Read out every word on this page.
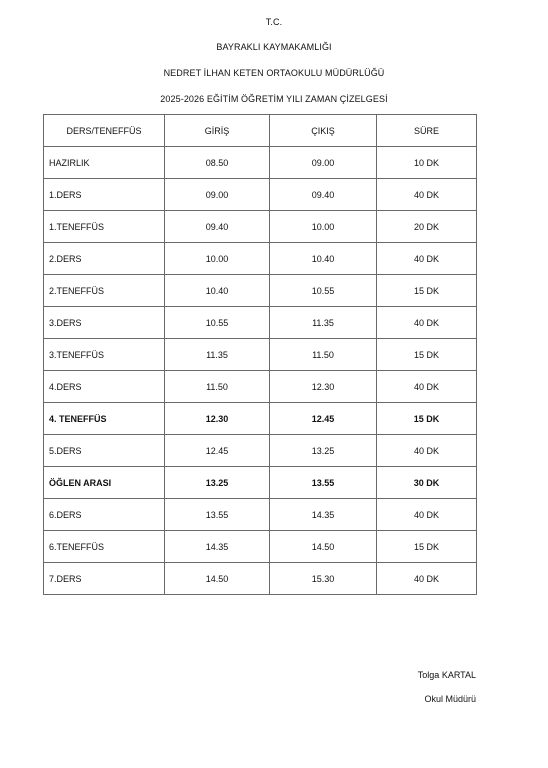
T.C.
BAYRAKLI KAYMAKAMLIĞI
NEDRET İLHAN KETEN ORTAOKULU MÜDÜRLÜĞÜ
2025-2026 EĞİTİM ÖĞRETİM YILI ZAMAN ÇİZELGESİ
DERS/TENEFFÜS	GİRİŞ	ÇIKIŞ	SÜRE
HAZIRLIK	08.50	09.00	10 DK
1.DERS	09.00	09.40	40 DK
1.TENEFFÜS	09.40	10.00	20 DK
2.DERS	10.00	10.40	40 DK
2.TENEFFÜS	10.40	10.55	15 DK
3.DERS	10.55	11.35	40 DK
3.TENEFFÜS	11.35	11.50	15 DK
4.DERS	11.50	12.30	40 DK
4. TENEFFÜS	12.30	12.45	15 DK
5.DERS	12.45	13.25	40 DK
ÖĞLEN ARASI	13.25	13.55	30 DK
6.DERS	13.55	14.35	40 DK
6.TENEFFÜS	14.35	14.50	15 DK
7.DERS	14.50	15.30	40 DK
Tolga KARTAL
Okul Müdürü
